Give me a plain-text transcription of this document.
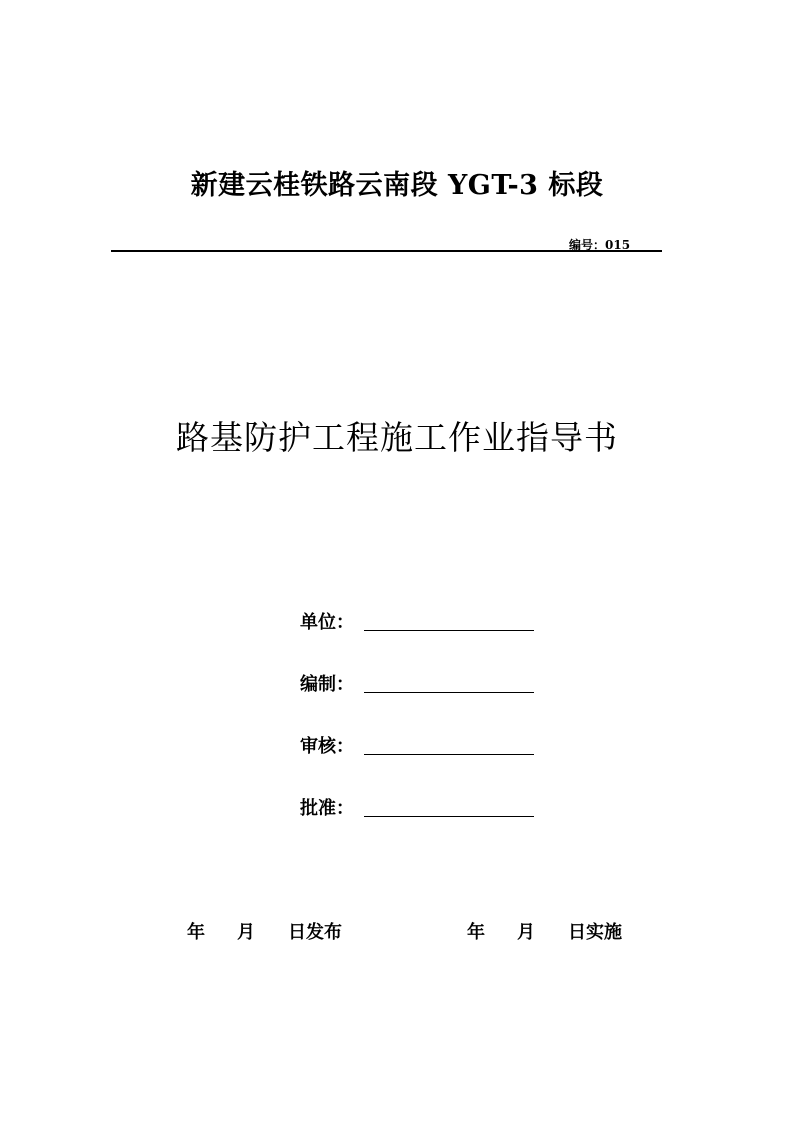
新建云桂铁路云南段 YGT-3 标段
编号：015
路基防护工程施工作业指导书
单位：
编制：
审核：
批准：
年 月 日发布	年 月 日实施
